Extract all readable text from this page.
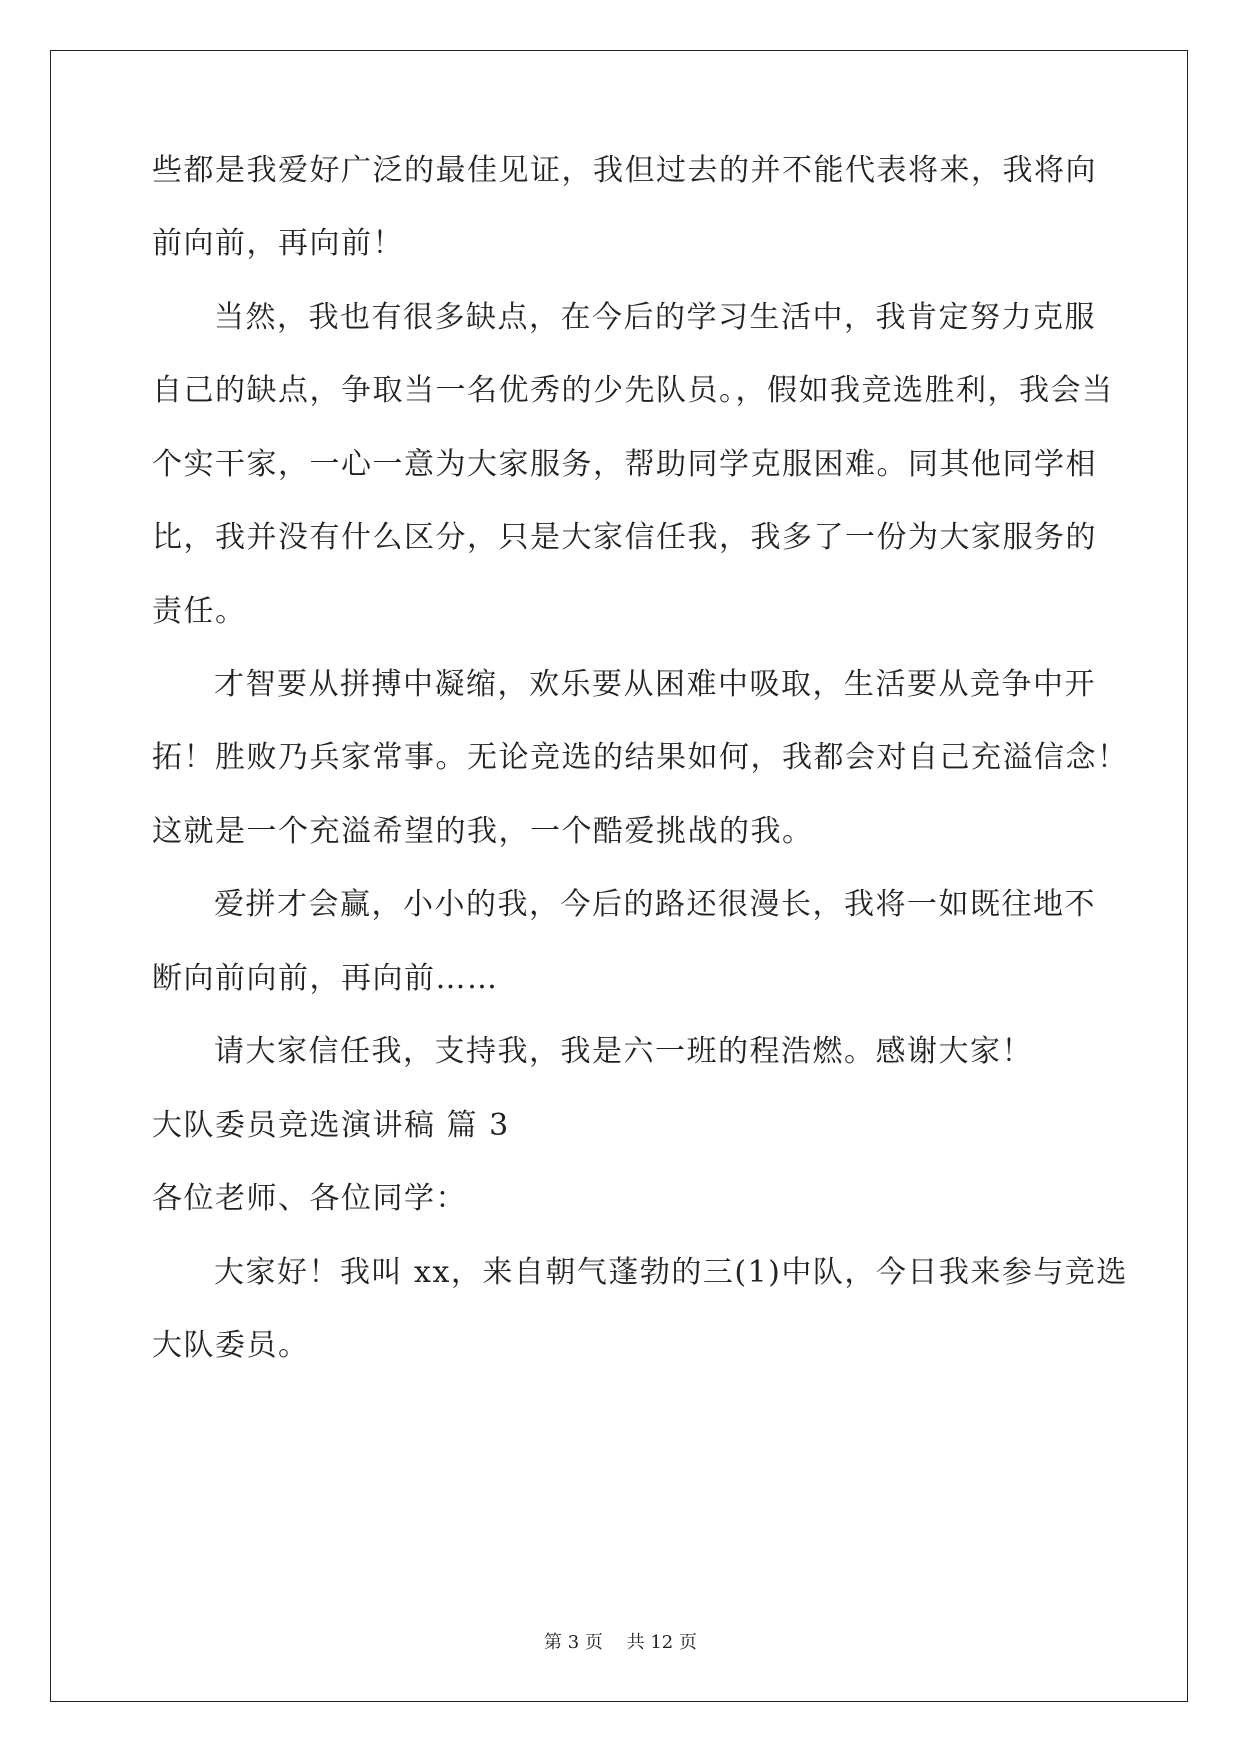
些都是我爱好广泛的最佳见证，我但过去的并不能代表将来，我将向
前向前，再向前！
当然，我也有很多缺点，在今后的学习生活中，我肯定努力克服
自己的缺点，争取当一名优秀的少先队员。，假如我竞选胜利，我会当
个实干家，一心一意为大家服务，帮助同学克服困难。同其他同学相
比，我并没有什么区分，只是大家信任我，我多了一份为大家服务的
责任。
才智要从拼搏中凝缩，欢乐要从困难中吸取，生活要从竞争中开
拓！胜败乃兵家常事。无论竞选的结果如何，我都会对自己充溢信念！
这就是一个充溢希望的我，一个酷爱挑战的我。
爱拼才会赢，小小的我，今后的路还很漫长，我将一如既往地不
断向前向前，再向前……
请大家信任我，支持我，我是六一班的程浩燃。感谢大家！
大队委员竞选演讲稿 篇 3
各位老师、各位同学：
大家好！我叫 xx，来自朝气蓬勃的三(1)中队，今日我来参与竞选
大队委员。
第 3 页　 共 12 页
